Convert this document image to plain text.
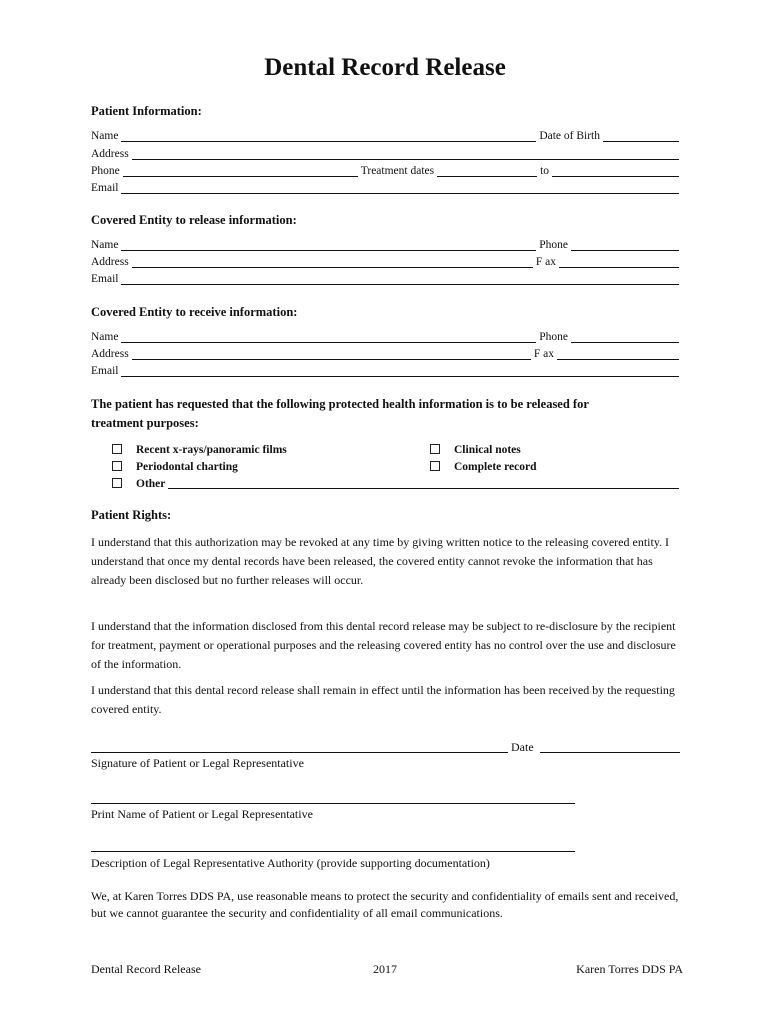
Dental Record Release
Patient Information:
Name	Date of Birth
Address
Phone	Treatment dates	to
Email
Covered Entity to release information:
Name	Phone
Address	F ax
Email
Covered Entity to receive information:
Name	Phone
Address	F ax
Email
The patient has requested that the following protected health information is to be released for
treatment purposes:
Recent x-rays/panoramic films
Periodontal charting
Other
Clinical notes
Complete record
Patient Rights:
I understand that this authorization may be revoked at any time by giving written notice to the releasing covered entity. I understand that once my dental records have been released, the covered entity cannot revoke the information that has already been disclosed but no further releases will occur.
I understand that the information disclosed from this dental record release may be subject to re-disclosure by the recipient for treatment, payment or operational purposes and the releasing covered entity has no control over the use and disclosure of the information.
I understand that this dental record release shall remain in effect until the information has been received by the requesting covered entity.
Date
Signature of Patient or Legal Representative
Print Name of Patient or Legal Representative
Description of Legal Representative Authority (provide supporting documentation)
We, at Karen Torres DDS PA, use reasonable means to protect the security and confidentiality of emails sent and received, but we cannot guarantee the security and confidentiality of all email communications.
Dental Record Release	2017	Karen Torres DDS PA
